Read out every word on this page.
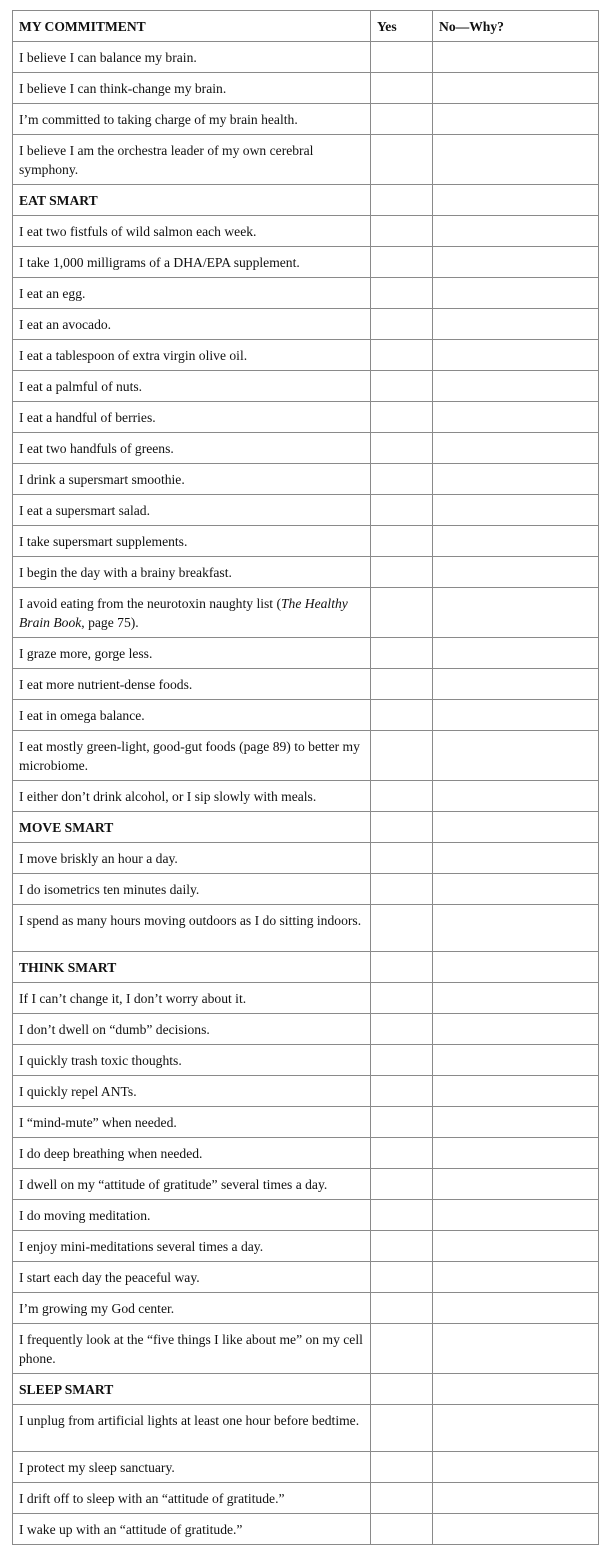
MY COMMITMENT	Yes	No—Why?
I believe I can balance my brain.		
I believe I can think-change my brain.		
I’m committed to taking charge of my brain health.		
I believe I am the orchestra leader of my own cerebral symphony.		
EAT SMART		
I eat two fistfuls of wild salmon each week.		
I take 1,000 milligrams of a DHA/EPA supplement.		
I eat an egg.		
I eat an avocado.		
I eat a tablespoon of extra virgin olive oil.		
I eat a palmful of nuts.		
I eat a handful of berries.		
I eat two handfuls of greens.		
I drink a supersmart smoothie.		
I eat a supersmart salad.		
I take supersmart supplements.		
I begin the day with a brainy breakfast.		
I avoid eating from the neurotoxin naughty list (The Healthy Brain Book, page 75).		
I graze more, gorge less.		
I eat more nutrient-dense foods.		
I eat in omega balance.		
I eat mostly green-light, good-gut foods (page 89) to better my microbiome.		
I either don’t drink alcohol, or I sip slowly with meals.		
MOVE SMART		
I move briskly an hour a day.		
I do isometrics ten minutes daily.		
I spend as many hours moving outdoors as I do sitting indoors.		
THINK SMART		
If I can’t change it, I don’t worry about it.		
I don’t dwell on “dumb” decisions.		
I quickly trash toxic thoughts.		
I quickly repel ANTs.		
I “mind-mute” when needed.		
I do deep breathing when needed.		
I dwell on my “attitude of gratitude” several times a day.		
I do moving meditation.		
I enjoy mini-meditations several times a day.		
I start each day the peaceful way.		
I’m growing my God center.		
I frequently look at the “five things I like about me” on my cell phone.		
SLEEP SMART		
I unplug from artificial lights at least one hour before bedtime.		
I protect my sleep sanctuary.		
I drift off to sleep with an “attitude of gratitude.”		
I wake up with an “attitude of gratitude.”		
